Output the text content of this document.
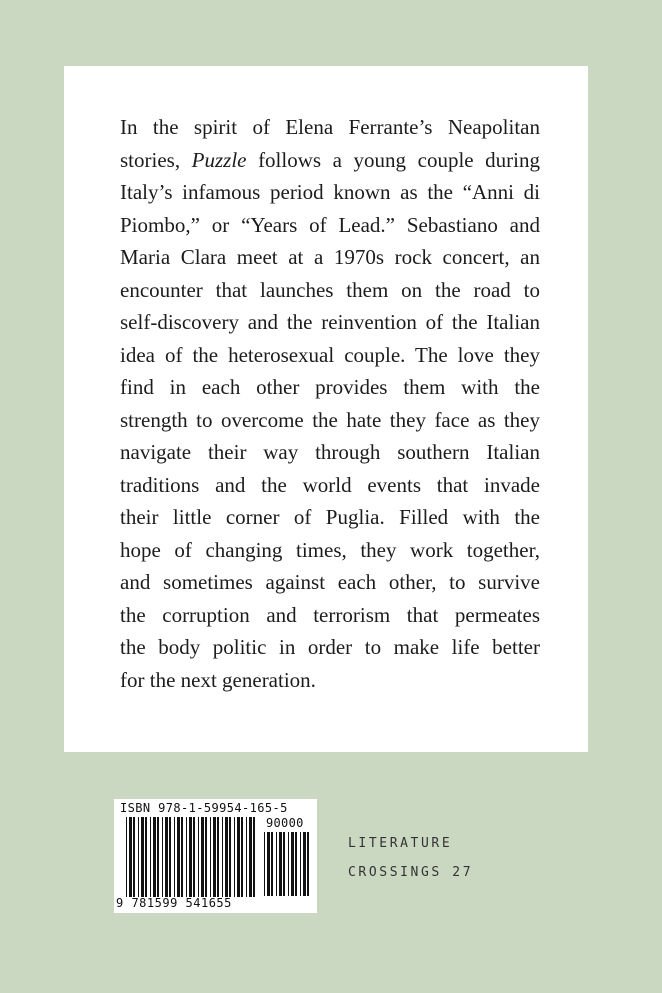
In the spirit of Elena Ferrante’s Neapolitan
stories, Puzzle follows a young couple during
Italy’s infamous period known as the “Anni di
Piombo,” or “Years of Lead.” Sebastiano and
Maria Clara meet at a 1970s rock concert, an
encounter that launches them on the road to
self-discovery and the reinvention of the Italian
idea of the heterosexual couple. The love they
find in each other provides them with the
strength to overcome the hate they face as they
navigate their way through southern Italian
traditions and the world events that invade
their little corner of Puglia. Filled with the
hope of changing times, they work together,
and sometimes against each other, to survive
the corruption and terrorism that permeates
the body politic in order to make life better
for the next generation.

ISBN 978-1-59954-165-5
90000
9 781599 541655
LITERATURE
CROSSINGS 27
